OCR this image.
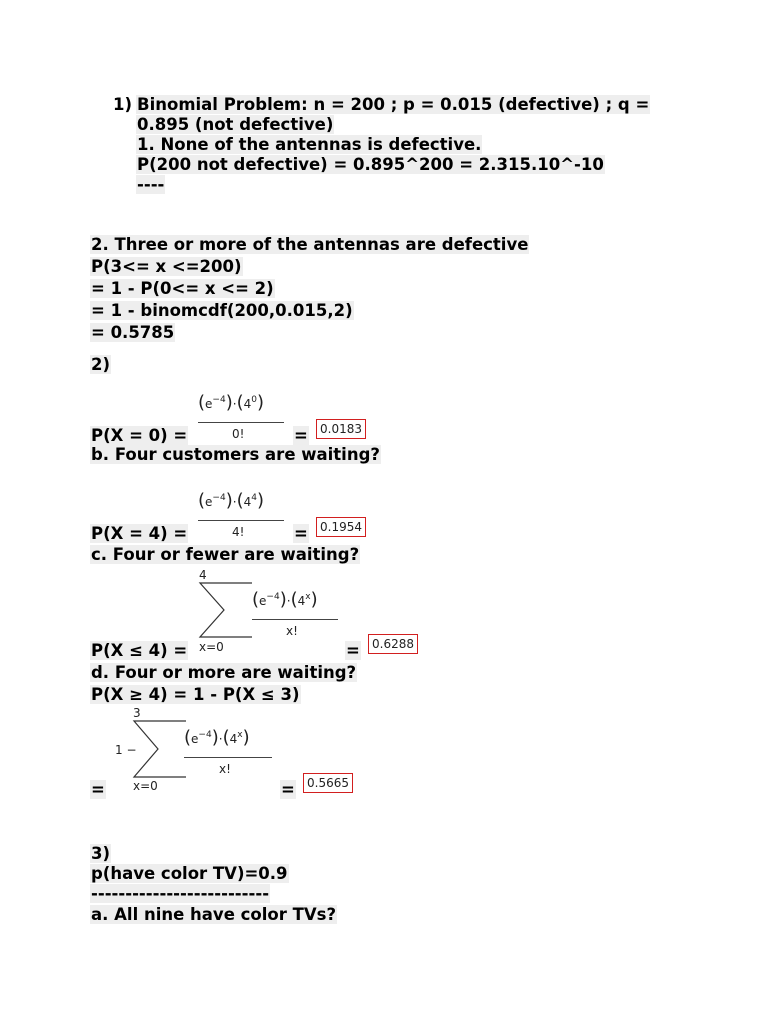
1) Binomial Problem: n = 200 ; p = 0.015 (defective) ; q =
0.895 (not defective)
1. None of the antennas is defective.
P(200 not defective) = 0.895^200 = 2.315.10^-10
----
2. Three or more of the antennas are defective
P(3<= x <=200)
= 1 - P(0<= x <= 2)
= 1 - binomcdf(200,0.015,2)
= 0.5785
2)
$(e^{-4})\cdot(4^0)$
0!
P(X = 0) =	=	0.0183
b. Four customers are waiting?
$(e^{-4})\cdot(4^4)$
4!
P(X = 4) =	=	0.1954
c. Four or fewer are waiting?
4
x=0
$(e^{-4})\cdot(4^x)$
x!
P(X ≤ 4) =	=	0.6288
d. Four or more are waiting?
P(X ≥ 4) = 1 - P(X ≤ 3)
1 −
3
x=0
$(e^{-4})\cdot(4^x)$
x!
=	=	0.5665
3)
p(have color TV)=0.9
--------------------------
a. All nine have color TVs?
